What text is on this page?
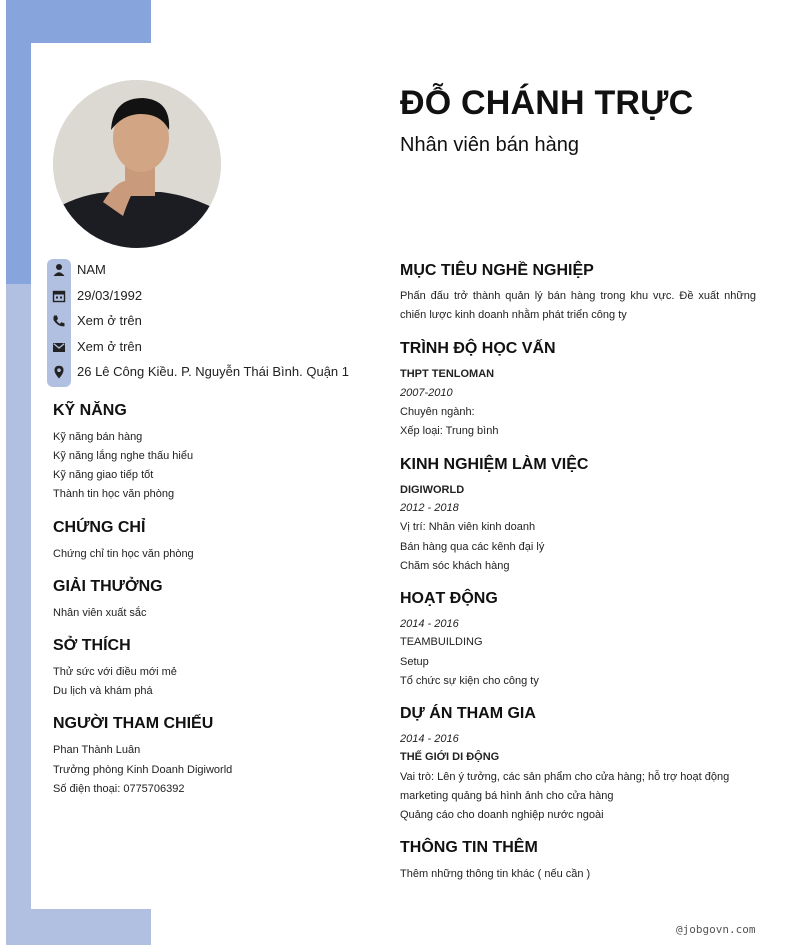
ĐỖ CHÁNH TRỰC
Nhân viên bán hàng
NAM
29/03/1992
Xem ở trên
Xem ở trên
26 Lê Công Kiều. P. Nguyễn Thái Bình. Quận 1
KỸ NĂNG
Kỹ năng bán hàng
Kỹ năng lắng nghe thấu hiểu
Kỹ năng giao tiếp tốt
Thành tin học văn phòng
CHỨNG CHỈ
Chứng chỉ tin học văn phòng
GIẢI THƯỞNG
Nhân viên xuất sắc
SỞ THÍCH
Thử sức với điều mới mẻ
Du lịch và khám phá
NGƯỜI THAM CHIẾU
Phan Thành Luân
Trưởng phòng Kinh Doanh Digiworld
Số điện thoại: 0775706392
MỤC TIÊU NGHỀ NGHIỆP
Phấn đấu trở thành quản lý bán hàng trong khu vực. Đề xuất những chiến lược kinh doanh nhằm phát triển công ty
TRÌNH ĐỘ HỌC VẤN
THPT TENLOMAN
2007-2010
Chuyên ngành:
Xếp loại: Trung bình
KINH NGHIỆM LÀM VIỆC
DIGIWORLD
2012 - 2018
Vị trí: Nhân viên kinh doanh
Bán hàng qua các kênh đại lý
Chăm sóc khách hàng
HOẠT ĐỘNG
2014 - 2016
TEAMBUILDING
Setup
Tổ chức sự kiện cho công ty
DỰ ÁN THAM GIA
2014 - 2016
THẾ GIỚI DI ĐỘNG
Vai trò: Lên ý tưởng, các sản phẩm cho cửa hàng; hỗ trợ hoạt động
marketing quảng bá hình ảnh cho cửa hàng
Quảng cáo cho doanh nghiệp nước ngoài
THÔNG TIN THÊM
Thêm những thông tin khác ( nếu cần )
@jobgovn.com
